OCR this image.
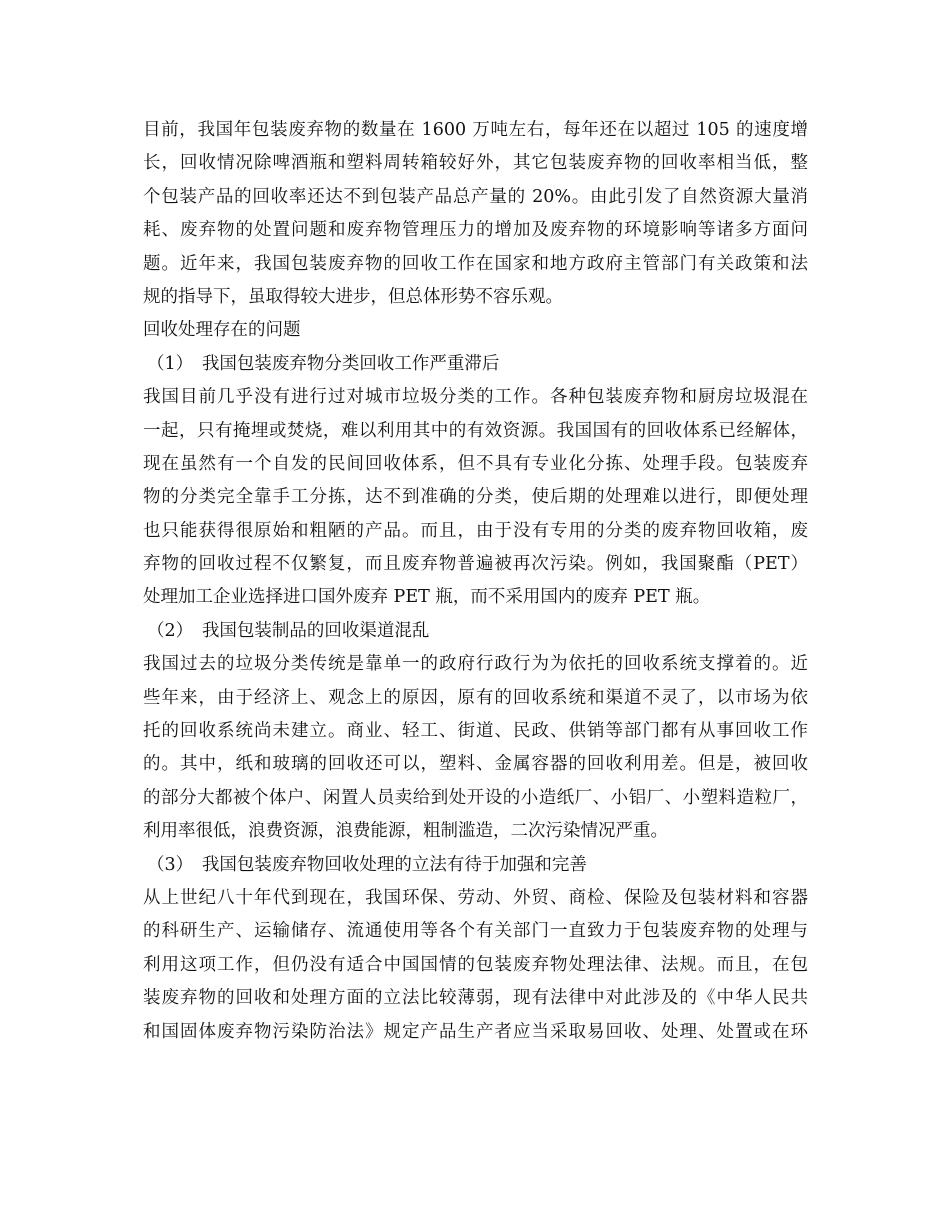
目前，我国年包装废弃物的数量在 1600 万吨左右，每年还在以超过 105 的速度增
长，回收情况除啤酒瓶和塑料周转箱较好外，其它包装废弃物的回收率相当低，整
个包装产品的回收率还达不到包装产品总产量的 20%。由此引发了自然资源大量消
耗、废弃物的处置问题和废弃物管理压力的增加及废弃物的环境影响等诸多方面问
题。近年来，我国包装废弃物的回收工作在国家和地方政府主管部门有关政策和法
规的指导下，虽取得较大进步，但总体形势不容乐观。
回收处理存在的问题
（1）　我国包装废弃物分类回收工作严重滞后
我国目前几乎没有进行过对城市垃圾分类的工作。各种包装废弃物和厨房垃圾混在
一起，只有掩埋或焚烧，难以利用其中的有效资源。我国国有的回收体系已经解体，
现在虽然有一个自发的民间回收体系，但不具有专业化分拣、处理手段。包装废弃
物的分类完全靠手工分拣，达不到准确的分类，使后期的处理难以进行，即便处理
也只能获得很原始和粗陋的产品。而且，由于没有专用的分类的废弃物回收箱，废
弃物的回收过程不仅繁复，而且废弃物普遍被再次污染。例如，我国聚酯（PET）
处理加工企业选择进口国外废弃 PET 瓶，而不采用国内的废弃 PET 瓶。
（2）　我国包装制品的回收渠道混乱
我国过去的垃圾分类传统是靠单一的政府行政行为为依托的回收系统支撑着的。近
些年来，由于经济上、观念上的原因，原有的回收系统和渠道不灵了，以市场为依
托的回收系统尚未建立。商业、轻工、街道、民政、供销等部门都有从事回收工作
的。其中，纸和玻璃的回收还可以，塑料、金属容器的回收利用差。但是，被回收
的部分大都被个体户、闲置人员卖给到处开设的小造纸厂、小铝厂、小塑料造粒厂，
利用率很低，浪费资源，浪费能源，粗制滥造，二次污染情况严重。
（3）　我国包装废弃物回收处理的立法有待于加强和完善
从上世纪八十年代到现在，我国环保、劳动、外贸、商检、保险及包装材料和容器
的科研生产、运输储存、流通使用等各个有关部门一直致力于包装废弃物的处理与
利用这项工作，但仍没有适合中国国情的包装废弃物处理法律、法规。而且，在包
装废弃物的回收和处理方面的立法比较薄弱，现有法律中对此涉及的《中华人民共
和国固体废弃物污染防治法》规定产品生产者应当采取易回收、处理、处置或在环
